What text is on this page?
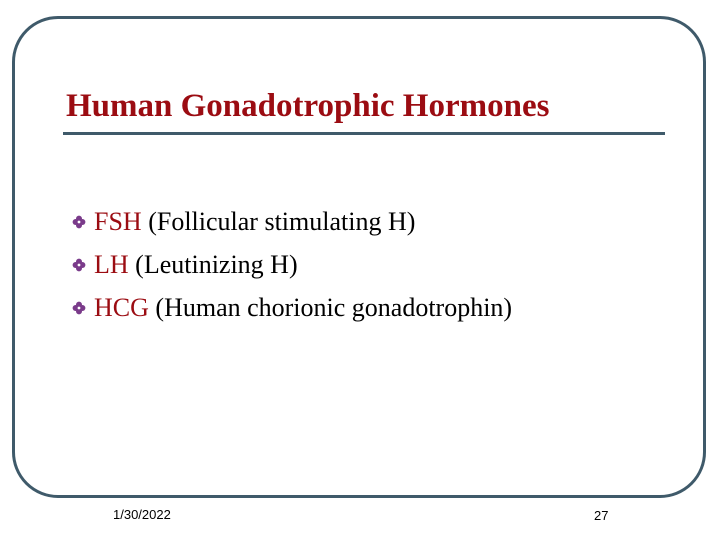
Human Gonadotrophic Hormones
FSH (Follicular stimulating H)
LH (Leutinizing H)
HCG (Human chorionic gonadotrophin)
1/30/2022	27
